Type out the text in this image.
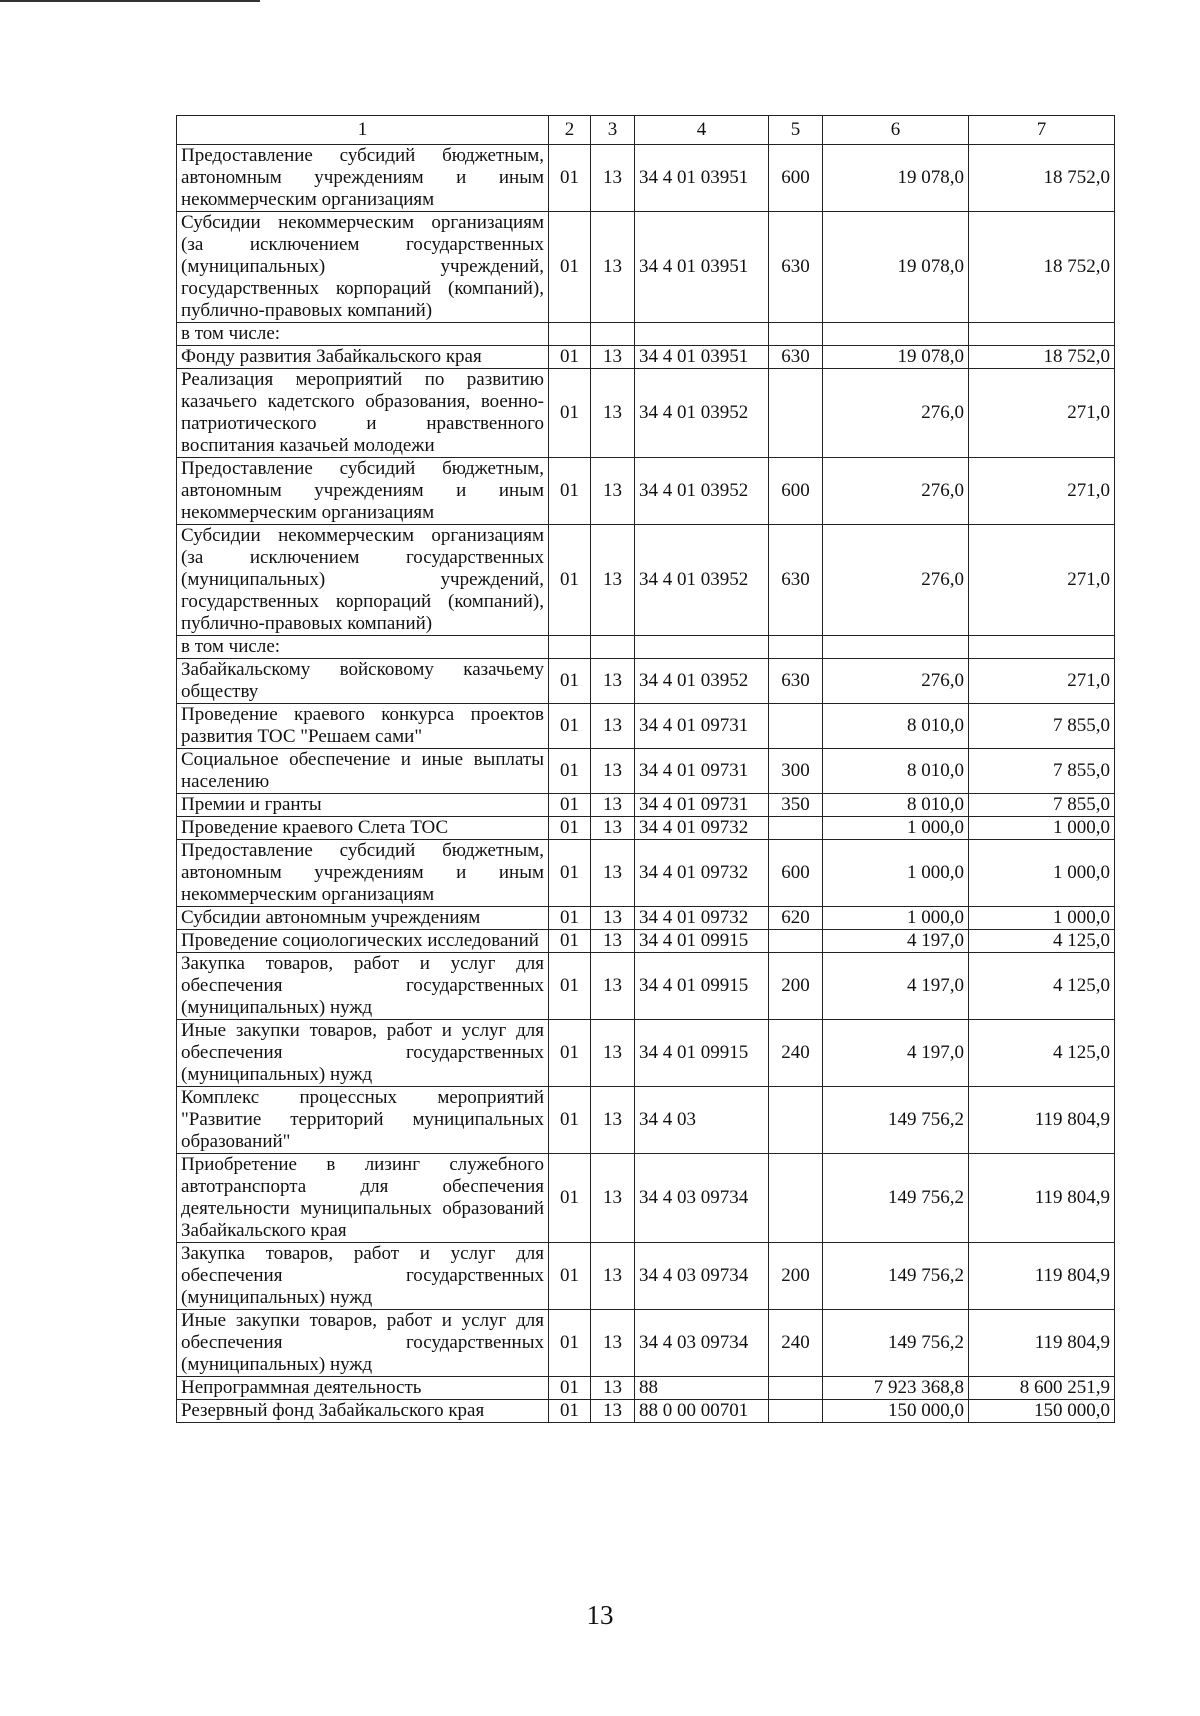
1	2	3	4	5	6	7
Предоставление субсидий бюджетным, автономным учреждениям и иным некоммерческим организациям	01	13	34 4 01 03951	600	19 078,0	18 752,0
Субсидии некоммерческим организациям (за исключением государственных (муниципальных) учреждений, государственных корпораций (компаний), публично-правовых компаний)	01	13	34 4 01 03951	630	19 078,0	18 752,0
в том числе:						
Фонду развития Забайкальского края	01	13	34 4 01 03951	630	19 078,0	18 752,0
Реализация мероприятий по развитию казачьего кадетского образования, военно-патриотического и нравственного воспитания казачьей молодежи	01	13	34 4 01 03952		276,0	271,0
Предоставление субсидий бюджетным, автономным учреждениям и иным некоммерческим организациям	01	13	34 4 01 03952	600	276,0	271,0
Субсидии некоммерческим организациям (за исключением государственных (муниципальных) учреждений, государственных корпораций (компаний), публично-правовых компаний)	01	13	34 4 01 03952	630	276,0	271,0
в том числе:						
Забайкальскому войсковому казачьему обществу	01	13	34 4 01 03952	630	276,0	271,0
Проведение краевого конкурса проектов развития ТОС "Решаем сами"	01	13	34 4 01 09731		8 010,0	7 855,0
Социальное обеспечение и иные выплаты населению	01	13	34 4 01 09731	300	8 010,0	7 855,0
Премии и гранты	01	13	34 4 01 09731	350	8 010,0	7 855,0
Проведение краевого Слета ТОС	01	13	34 4 01 09732		1 000,0	1 000,0
Предоставление субсидий бюджетным, автономным учреждениям и иным некоммерческим организациям	01	13	34 4 01 09732	600	1 000,0	1 000,0
Субсидии автономным учреждениям	01	13	34 4 01 09732	620	1 000,0	1 000,0
Проведение социологических исследований	01	13	34 4 01 09915		4 197,0	4 125,0
Закупка товаров, работ и услуг для обеспечения государственных (муниципальных) нужд	01	13	34 4 01 09915	200	4 197,0	4 125,0
Иные закупки товаров, работ и услуг для обеспечения государственных (муниципальных) нужд	01	13	34 4 01 09915	240	4 197,0	4 125,0
Комплекс процессных мероприятий "Развитие территорий муниципальных образований"	01	13	34 4 03		149 756,2	119 804,9
Приобретение в лизинг служебного автотранспорта для обеспечения деятельности муниципальных образований Забайкальского края	01	13	34 4 03 09734		149 756,2	119 804,9
Закупка товаров, работ и услуг для обеспечения государственных (муниципальных) нужд	01	13	34 4 03 09734	200	149 756,2	119 804,9
Иные закупки товаров, работ и услуг для обеспечения государственных (муниципальных) нужд	01	13	34 4 03 09734	240	149 756,2	119 804,9
Непрограммная деятельность	01	13	88		7 923 368,8	8 600 251,9
Резервный фонд Забайкальского края	01	13	88 0 00 00701		150 000,0	150 000,0
13
